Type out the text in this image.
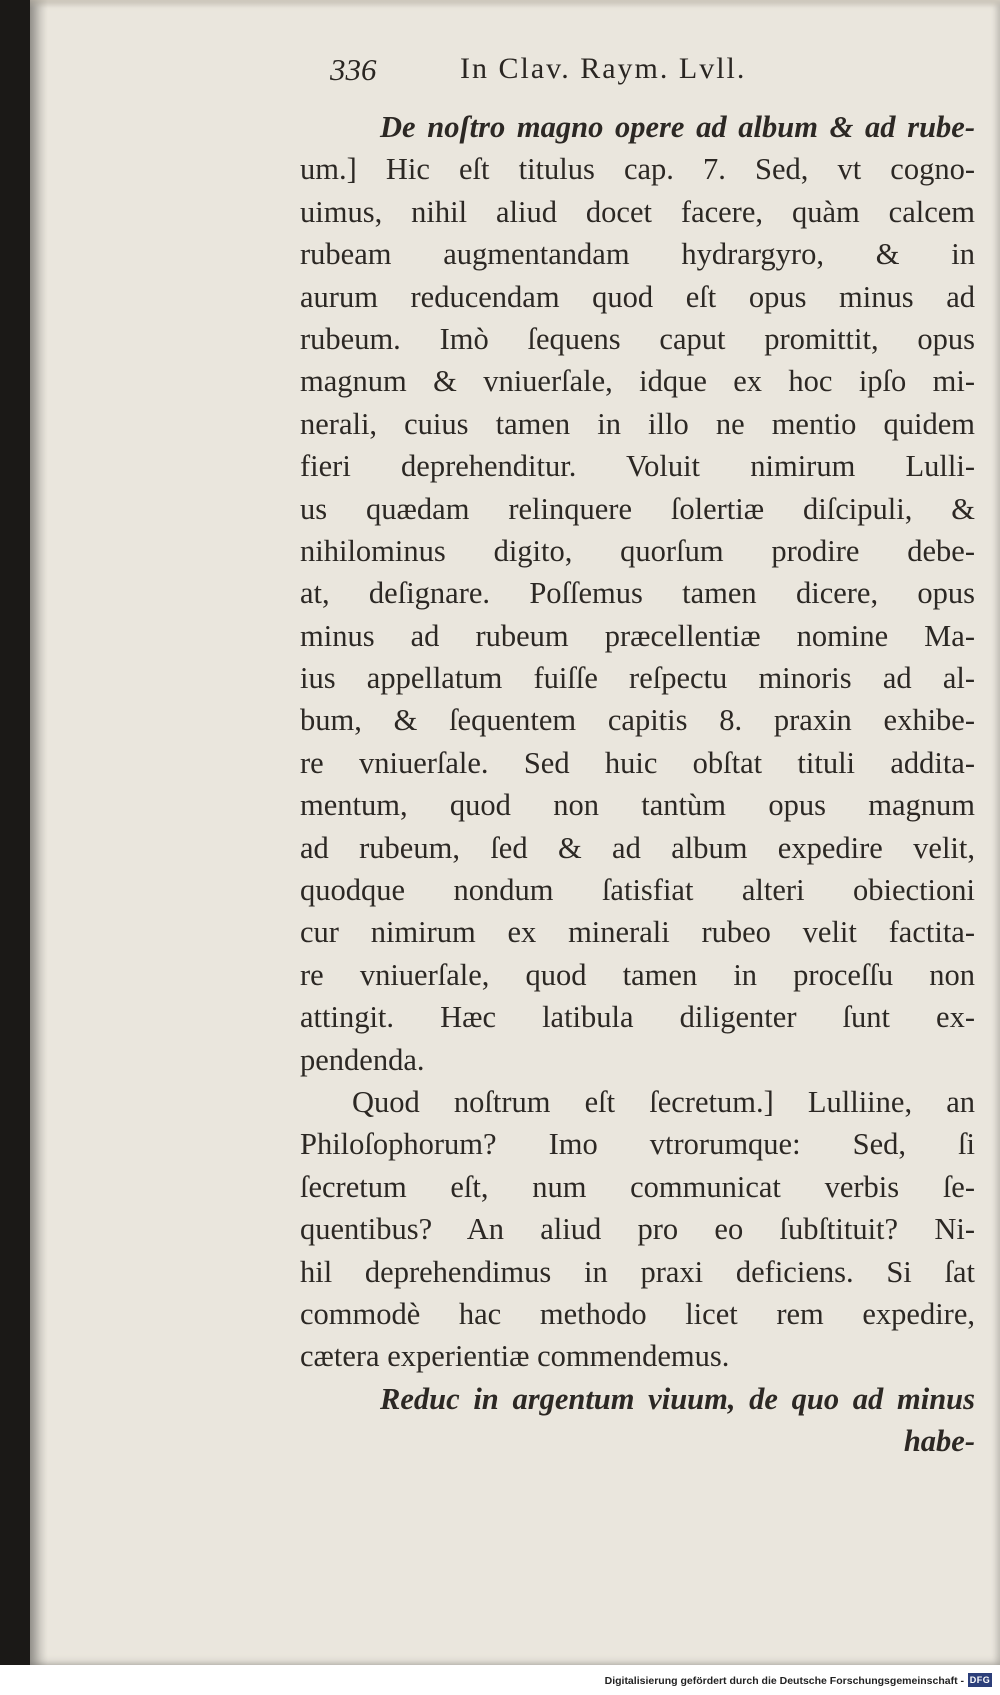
336	In Clav. Raym. Lvll.
De noſtro magno opere ad album & ad rube-
um.] Hic eſt titulus cap. 7. Sed, vt cogno-
uimus, nihil aliud docet facere, quàm calcem
rubeam augmentandam hydrargyro, & in
aurum reducendam quod eſt opus minus ad
rubeum. Imò ſequens caput promittit, opus
magnum & vniuerſale, idque ex hoc ipſo mi-
nerali, cuius tamen in illo ne mentio quidem
fieri deprehenditur. Voluit nimirum Lulli-
us quædam relinquere ſolertiæ diſcipuli, &
nihilominus digito, quorſum prodire debe-
at, deſignare. Poſſemus tamen dicere, opus
minus ad rubeum præcellentiæ nomine Ma-
ius appellatum fuiſſe reſpectu minoris ad al-
bum, & ſequentem capitis 8. praxin exhibe-
re vniuerſale. Sed huic obſtat tituli addita-
mentum, quod non tantùm opus magnum
ad rubeum, ſed & ad album expedire velit,
quodque nondum ſatisfiat alteri obiectioni
cur nimirum ex minerali rubeo velit factita-
re vniuerſale, quod tamen in proceſſu non
attingit. Hæc latibula diligenter ſunt ex-
pendenda.
Quod noſtrum eſt ſecretum.] Lulliine, an
Philoſophorum? Imo vtrorumque: Sed, ſi
ſecretum eſt, num communicat verbis ſe-
quentibus? An aliud pro eo ſubſtituit? Ni-
hil deprehendimus in praxi deficiens. Si ſat
commodè hac methodo licet rem expedire,
cætera experientiæ commendemus.
Reduc in argentum viuum, de quo ad minus
habe-
Digitalisierung gefördert durch die Deutsche Forschungsgemeinschaft - DFG
